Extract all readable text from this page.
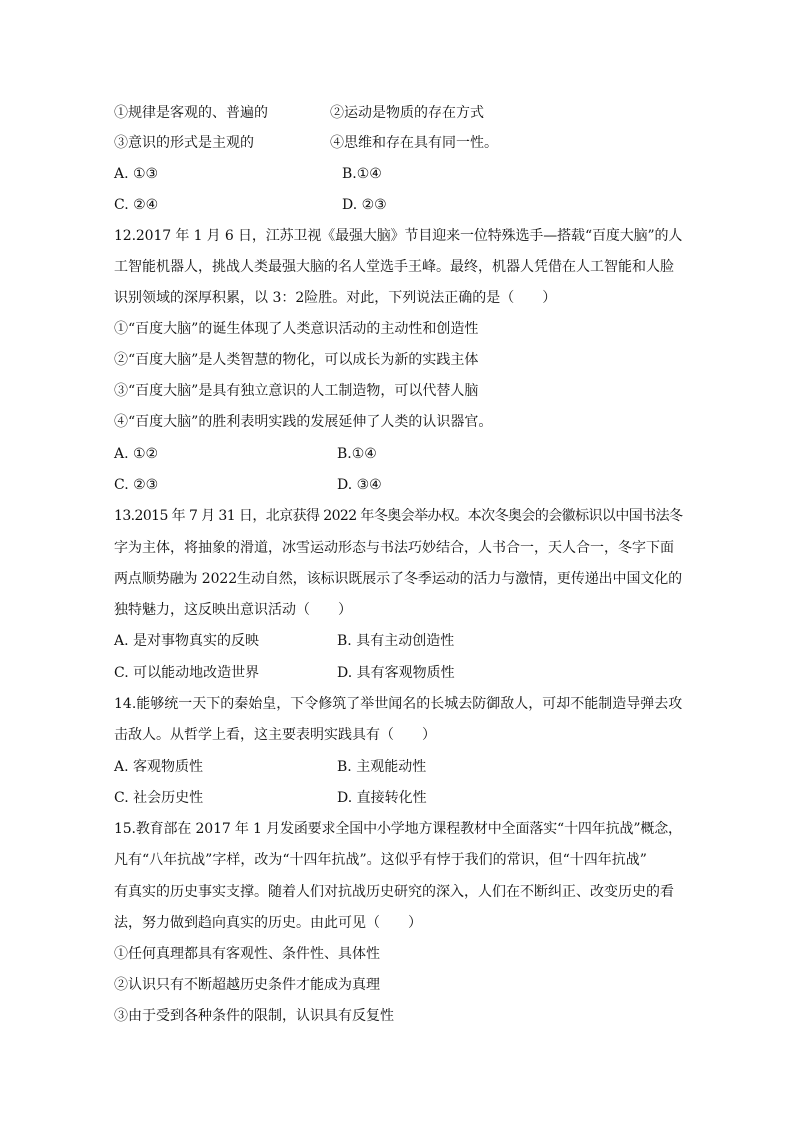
①规律是客观的、普遍的	②运动是物质的存在方式
③意识的形式是主观的	④思维和存在具有同一性。
A. ①③	B.①④
C. ②④	D. ②③
12.2017 年 1 月 6 日，江苏卫视《最强大脑》节目迎来一位特殊选手—搭载“百度大脑”的人
工智能机器人，挑战人类最强大脑的名人堂选手王峰。最终，机器人凭借在人工智能和人脸
识别领域的深厚积累，以 3：2险胜。对此，下列说法正确的是（　　）
①“百度大脑”的诞生体现了人类意识活动的主动性和创造性
②“百度大脑”是人类智慧的物化，可以成长为新的实践主体
③“百度大脑”是具有独立意识的人工制造物，可以代替人脑
④“百度大脑”的胜利表明实践的发展延伸了人类的认识器官。
A. ①②	B.①④
C. ②③	D. ③④
13.2015 年 7 月 31 日，北京获得 2022 年冬奥会举办权。本次冬奥会的会徽标识以中国书法冬
字为主体，将抽象的滑道，冰雪运动形态与书法巧妙结合，人书合一，天人合一，冬字下面
两点顺势融为 2022生动自然，该标识既展示了冬季运动的活力与激情，更传递出中国文化的
独特魅力，这反映出意识活动（　　）
A. 是对事物真实的反映	B. 具有主动创造性
C. 可以能动地改造世界	D. 具有客观物质性
14.能够统一天下的秦始皇，下令修筑了举世闻名的长城去防御敌人，可却不能制造导弹去攻
击敌人。从哲学上看，这主要表明实践具有（　　）
A. 客观物质性	B. 主观能动性
C. 社会历史性	D. 直接转化性
15.教育部在 2017 年 1 月发函要求全国中小学地方课程教材中全面落实“十四年抗战”概念，
凡有“八年抗战”字样，改为“十四年抗战”。这似乎有悖于我们的常识，但“十四年抗战”
有真实的历史事实支撑。随着人们对抗战历史研究的深入，人们在不断纠正、改变历史的看
法，努力做到趋向真实的历史。由此可见（　　）
①任何真理都具有客观性、条件性、具体性
②认识只有不断超越历史条件才能成为真理
③由于受到各种条件的限制，认识具有反复性
